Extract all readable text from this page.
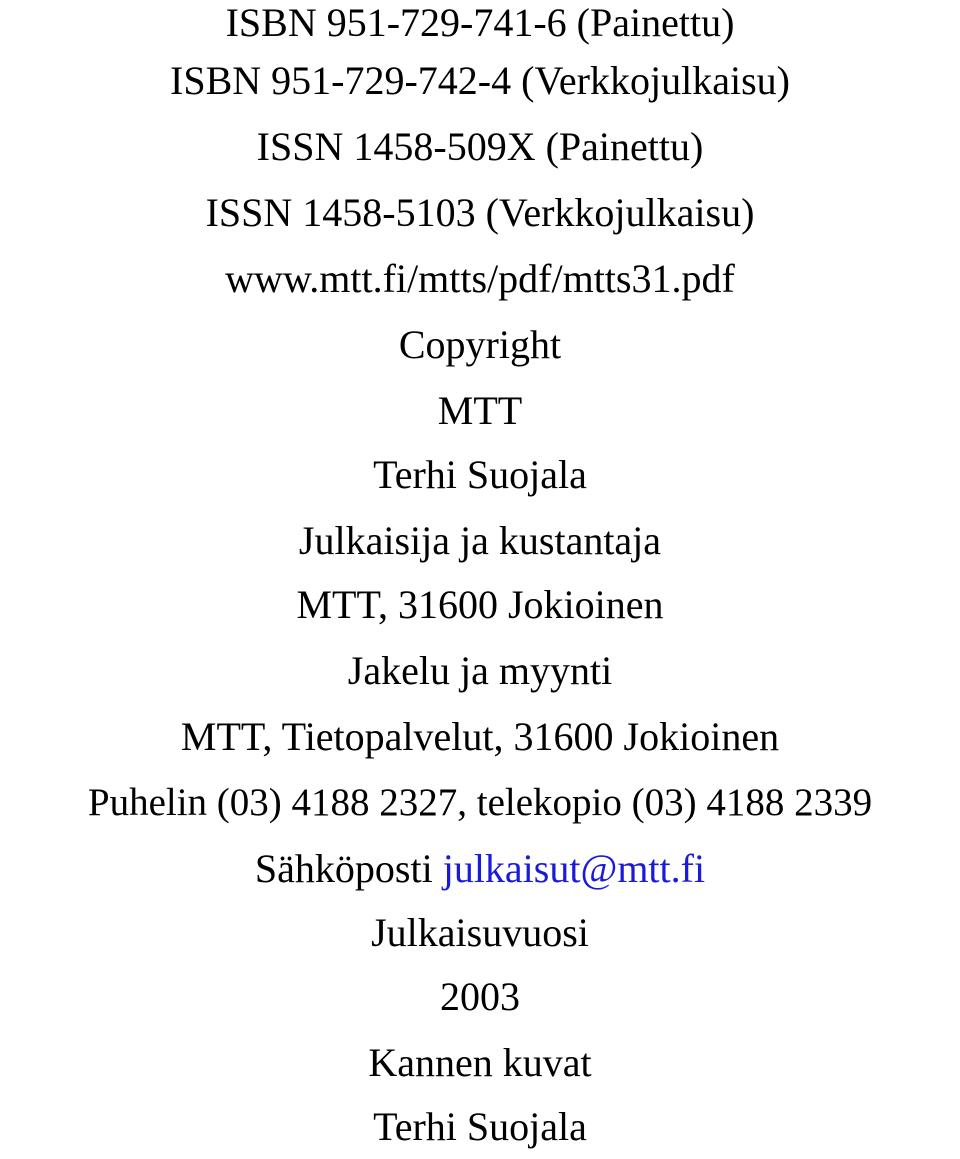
ISBN 951-729-741-6 (Painettu)
ISBN 951-729-742-4 (Verkkojulkaisu)
ISSN 1458-509X (Painettu)
ISSN 1458-5103 (Verkkojulkaisu)
www.mtt.fi/mtts/pdf/mtts31.pdf
Copyright
MTT
Terhi Suojala
Julkaisija ja kustantaja
MTT, 31600 Jokioinen
Jakelu ja myynti
MTT, Tietopalvelut, 31600 Jokioinen
Puhelin (03) 4188 2327, telekopio (03) 4188 2339
Sähköposti julkaisut@mtt.fi
Julkaisuvuosi
2003
Kannen kuvat
Terhi Suojala
